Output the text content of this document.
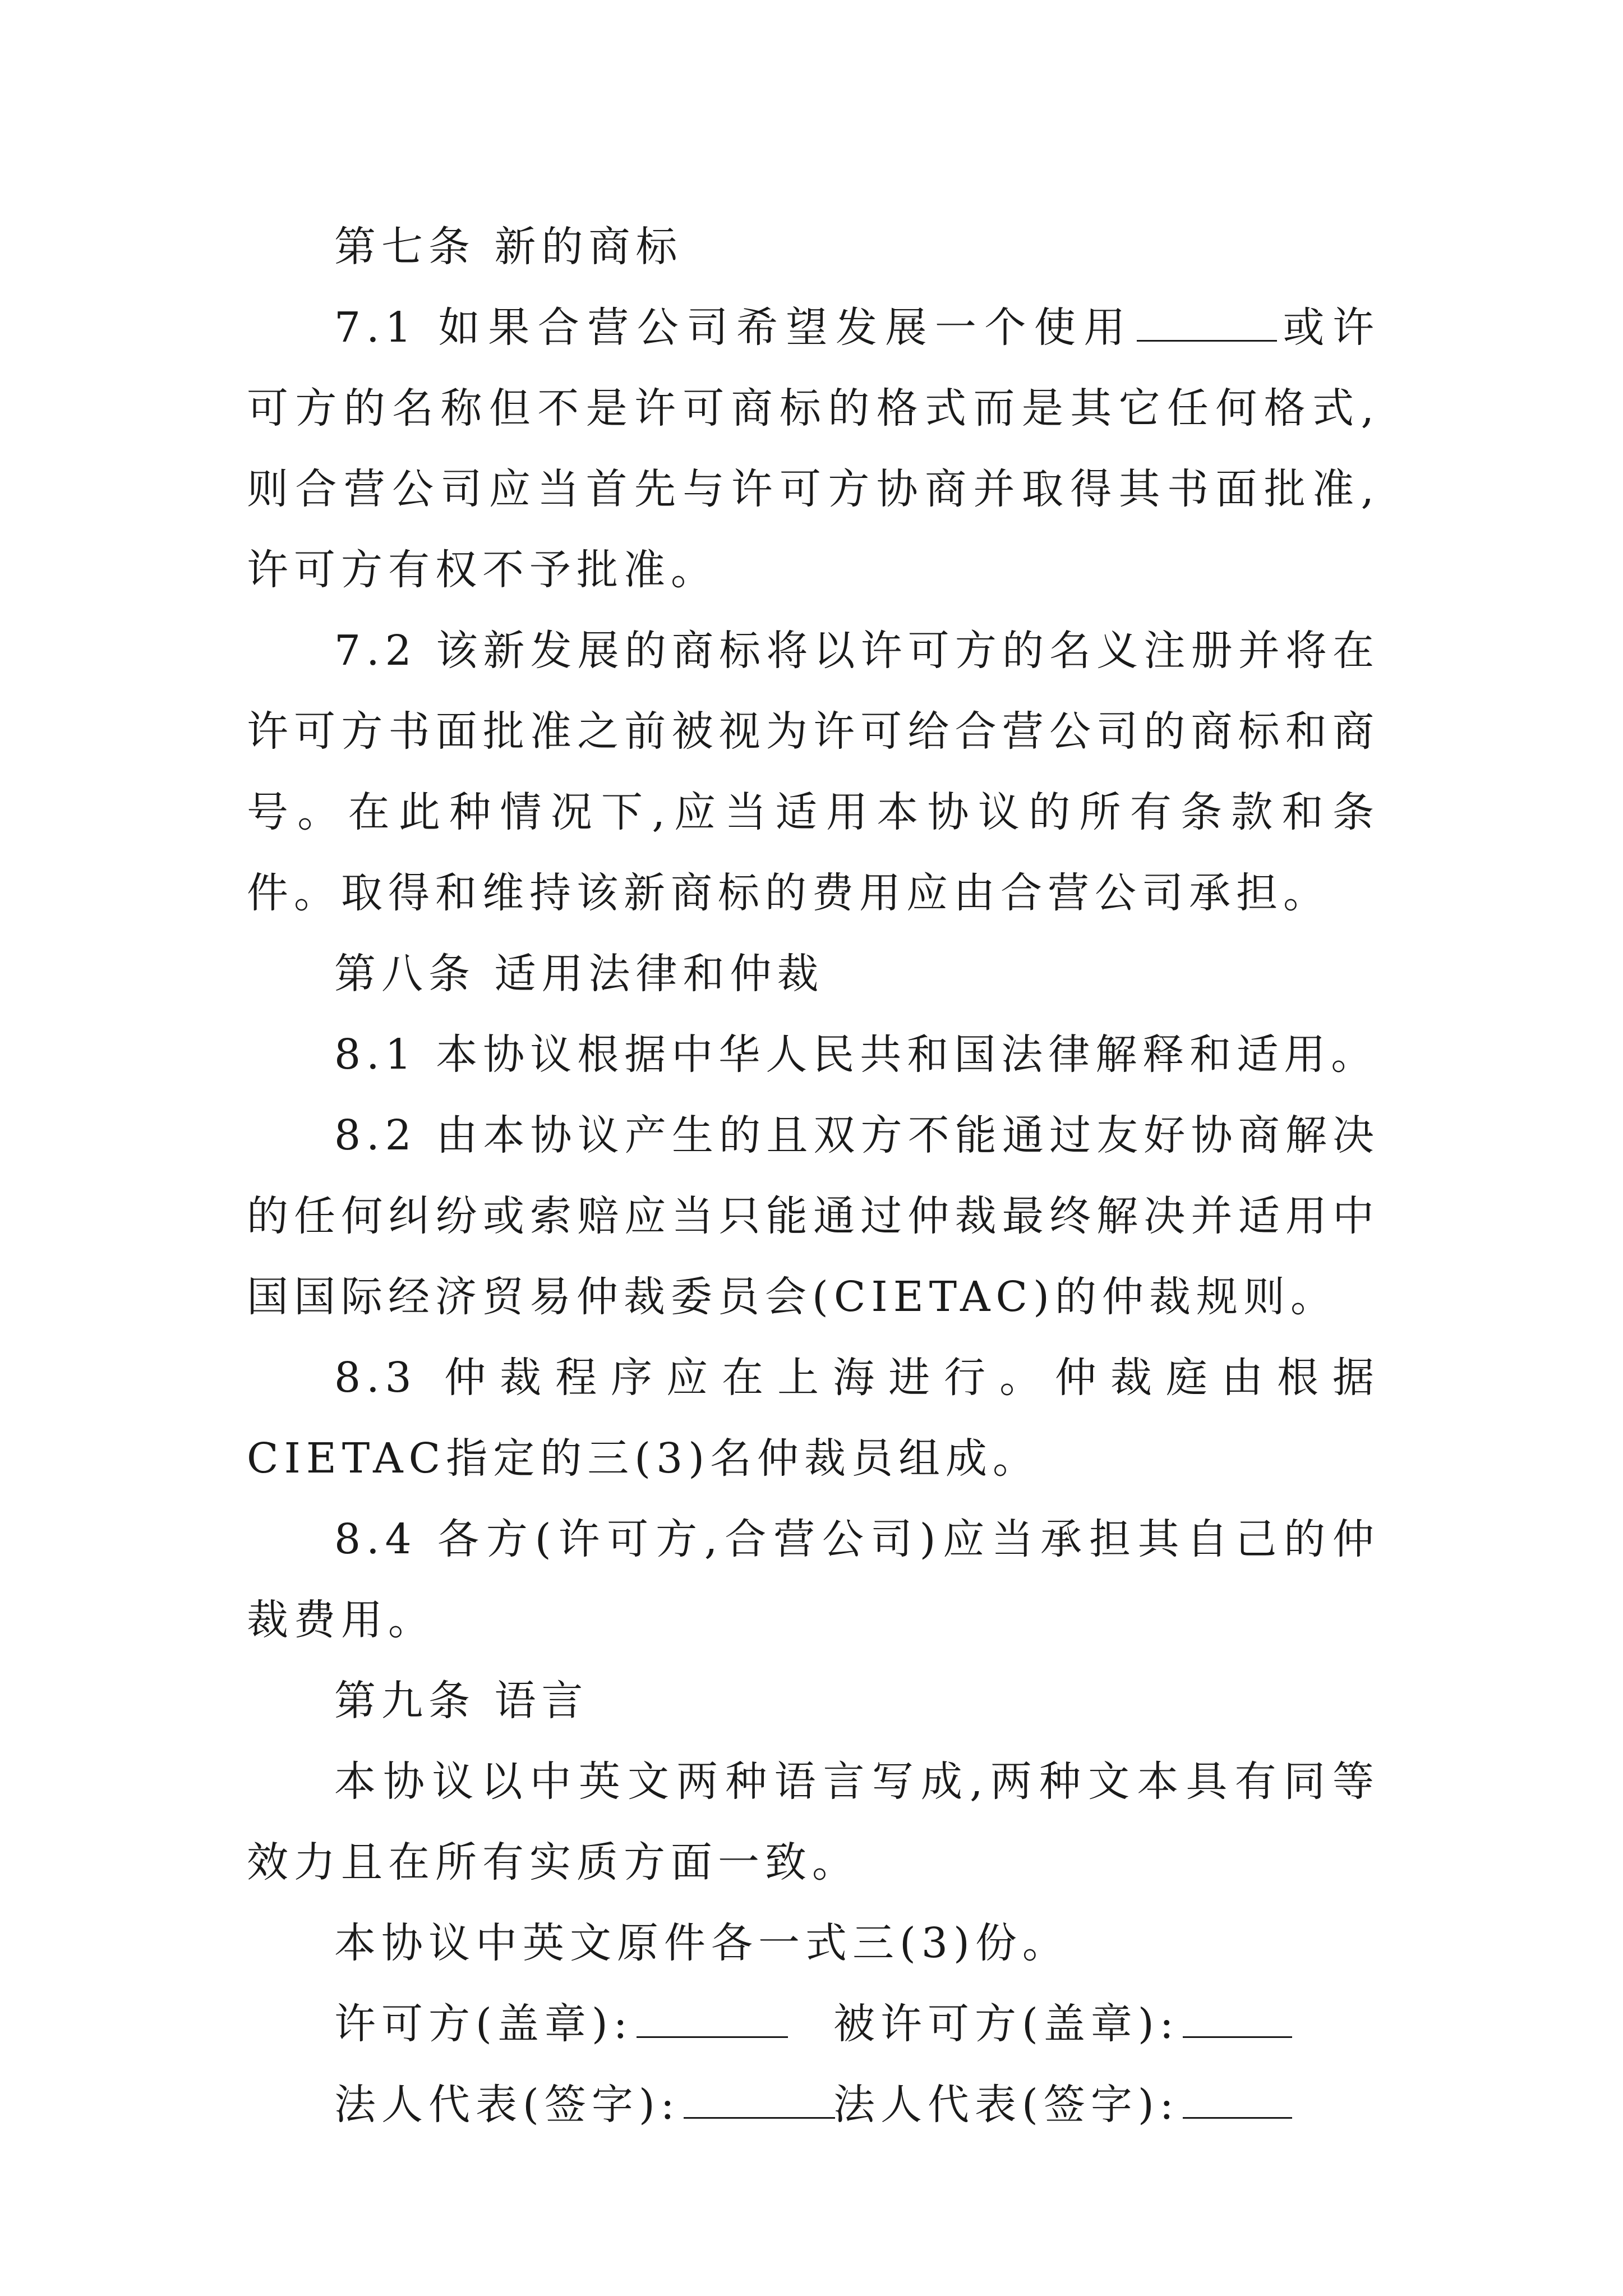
第七条 新的商标

7.1 如果合营公司希望发展一个使用	或许可方的名称但不是许可商标的格式而是其它任何格式,则合营公司应当首先与许可方协商并取得其书面批准,许可方有权不予批准。

7.2 该新发展的商标将以许可方的名义注册并将在许可方书面批准之前被视为许可给合营公司的商标和商号。在此种情况下,应当适用本协议的所有条款和条件。取得和维持该新商标的费用应由合营公司承担。

第八条 适用法律和仲裁

8.1 本协议根据中华人民共和国法律解释和适用。

8.2 由本协议产生的且双方不能通过友好协商解决的任何纠纷或索赔应当只能通过仲裁最终解决并适用中国国际经济贸易仲裁委员会(CIETAC)的仲裁规则。

8.3 仲裁程序应在上海进行。仲裁庭由根据CIETAC指定的三(3)名仲裁员组成。

8.4 各方(许可方,合营公司)应当承担其自己的仲裁费用。

第九条 语言

本协议以中英文两种语言写成,两种文本具有同等效力且在所有实质方面一致。

本协议中英文原件各一式三(3)份。

许可方(盖章):	被许可方(盖章):
法人代表(签字):	法人代表(签字):
